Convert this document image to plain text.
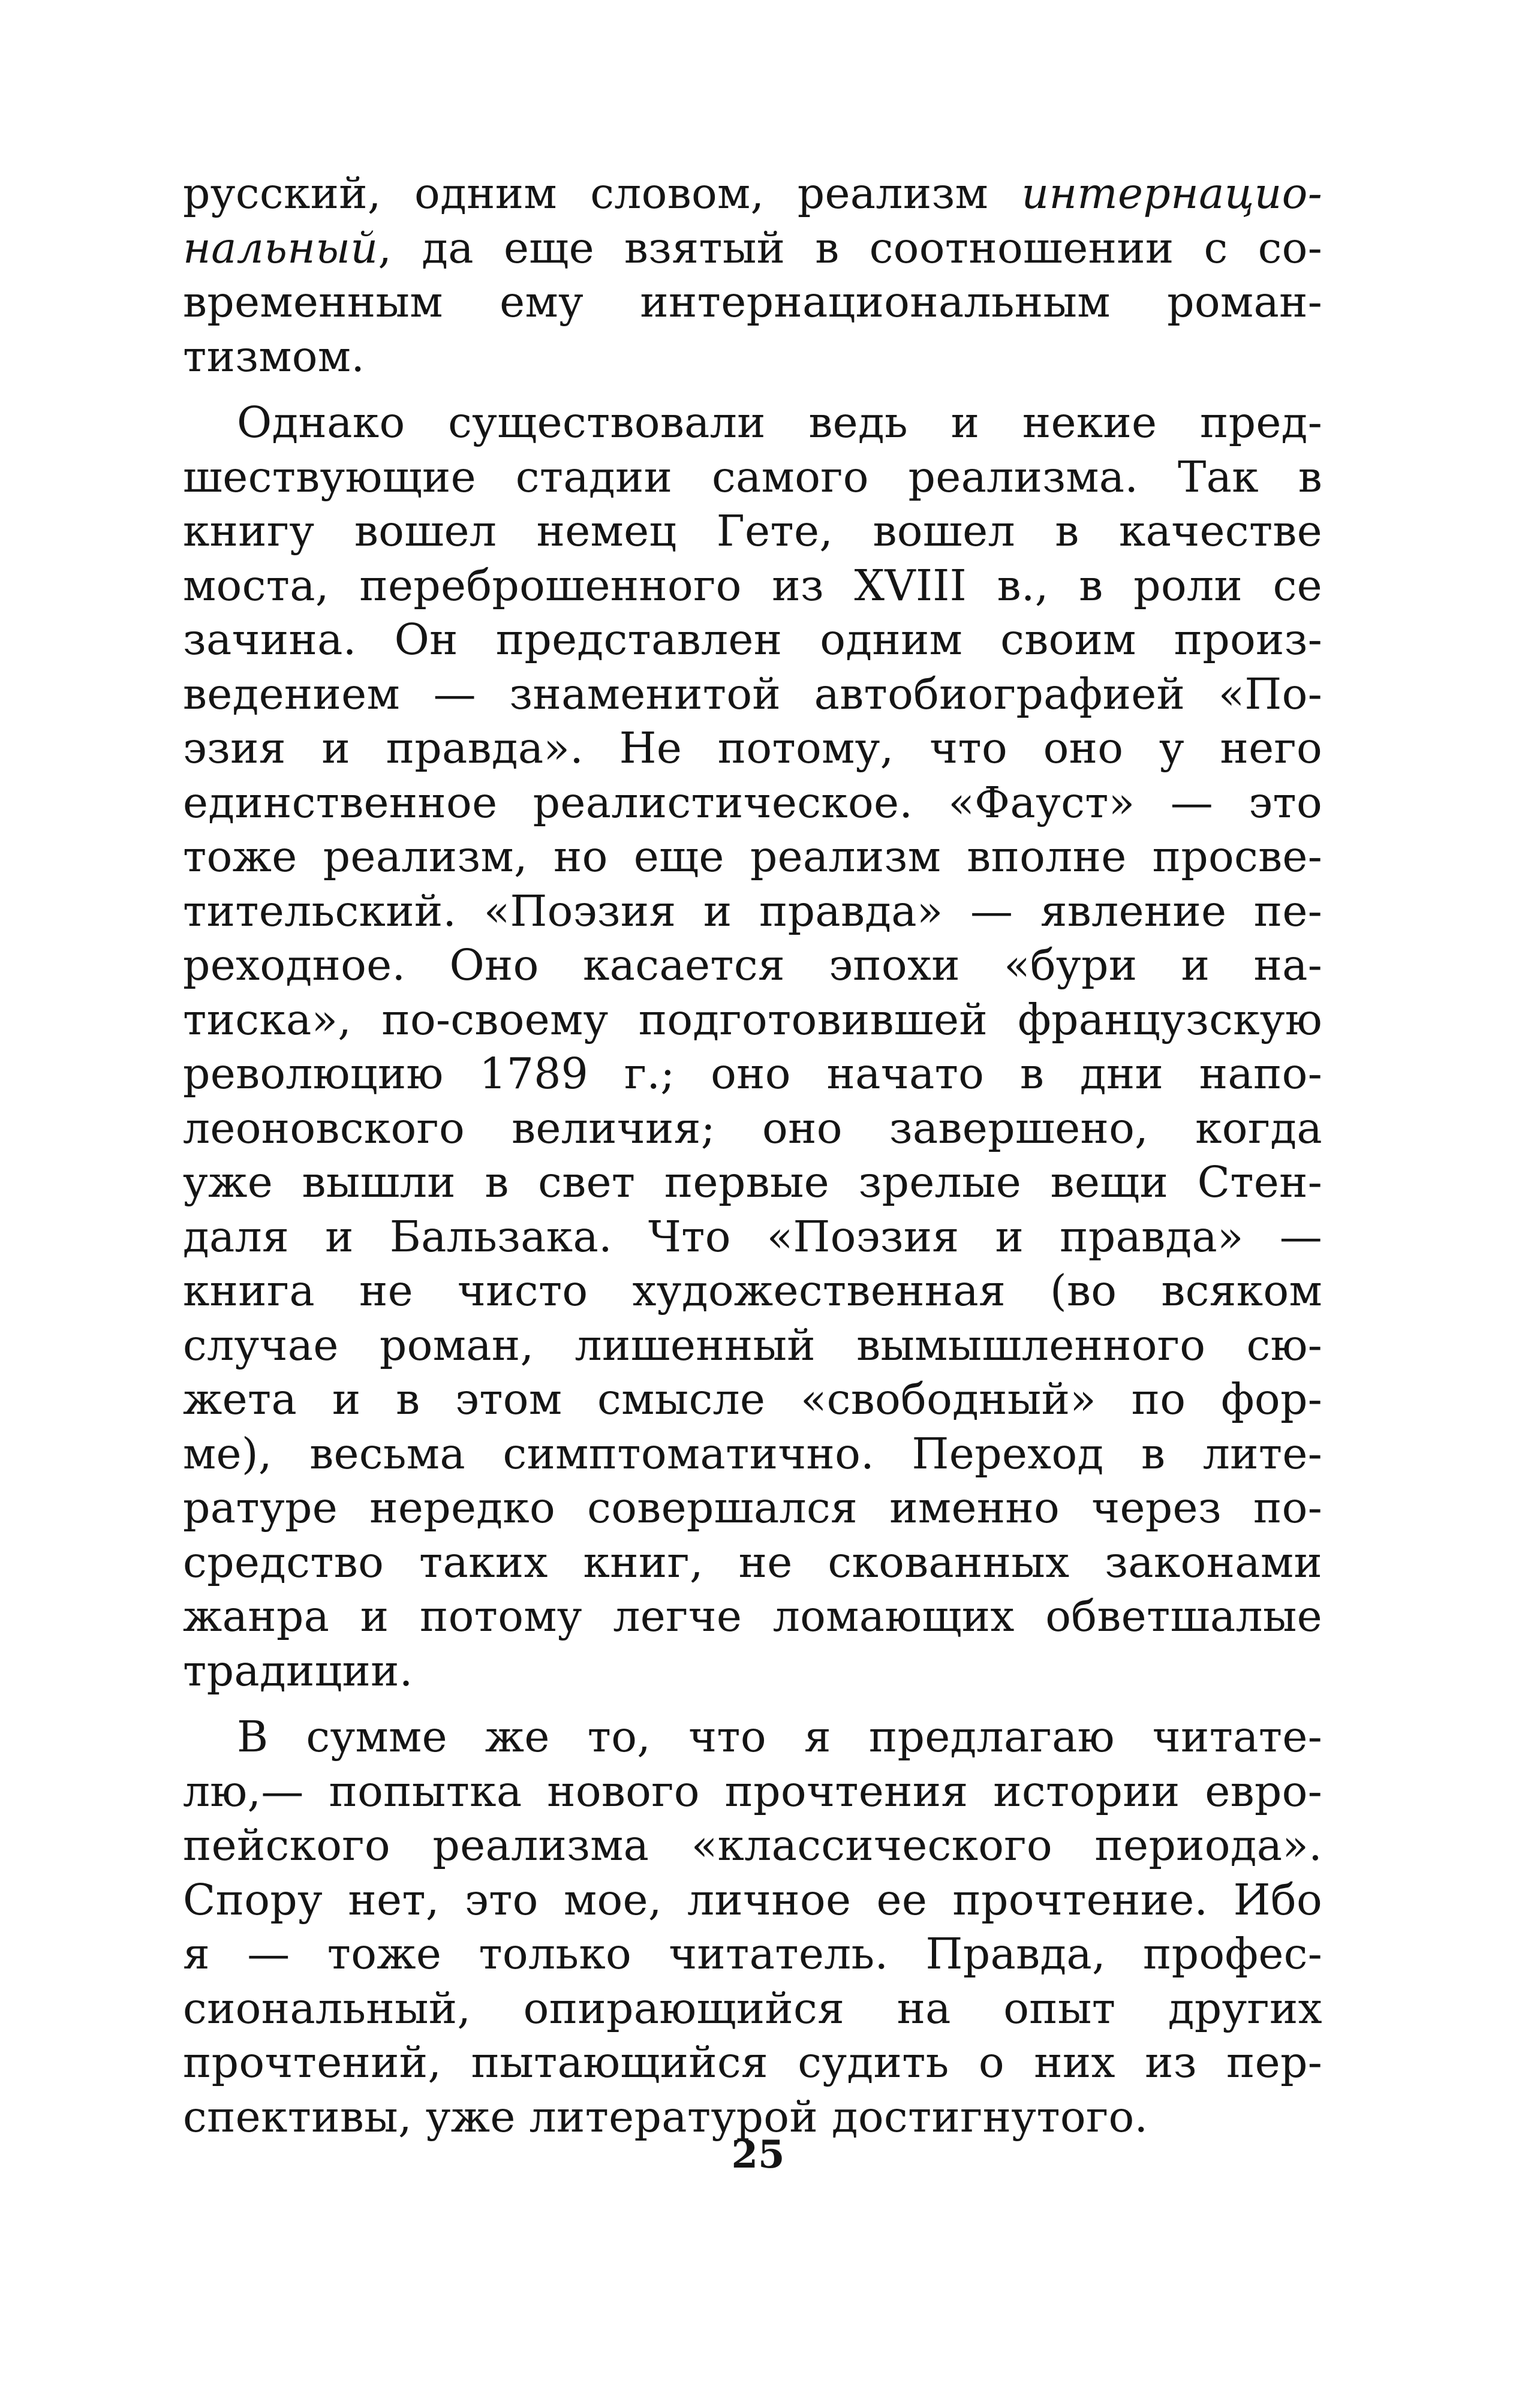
русский, одним словом, реализм интернацио-
нальный, да еще взятый в соотношении с со-
временным ему интернациональным роман-
тизмом.
Однако существовали ведь и некие пред-
шествующие стадии самого реализма. Так в
книгу вошел немец Гете, вошел в качестве
моста, переброшенного из XVIII в., в роли се
зачина. Он представлен одним своим произ-
ведением — знаменитой автобиографией «По-
эзия и правда». Не потому, что оно у него
единственное реалистическое. «Фауст» — это
тоже реализм, но еще реализм вполне просве-
тительский. «Поэзия и правда» — явление пе-
реходное. Оно касается эпохи «бури и на-
тиска», по-своему подготовившей французскую
революцию 1789 г.; оно начато в дни напо-
леоновского величия; оно завершено, когда
уже вышли в свет первые зрелые вещи Стен-
даля и Бальзака. Что «Поэзия и правда» —
книга не чисто художественная (во всяком
случае роман, лишенный вымышленного сю-
жета и в этом смысле «свободный» по фор-
ме), весьма симптоматично. Переход в лите-
ратуре нередко совершался именно через по-
средство таких книг, не скованных законами
жанра и потому легче ломающих обветшалые
традиции.
В сумме же то, что я предлагаю читате-
лю,— попытка нового прочтения истории евро-
пейского реализма «классического периода».
Спору нет, это мое, личное ее прочтение. Ибо
я — тоже только читатель. Правда, профес-
сиональный, опирающийся на опыт других
прочтений, пытающийся судить о них из пер-
спективы, уже литературой достигнутого.
25
